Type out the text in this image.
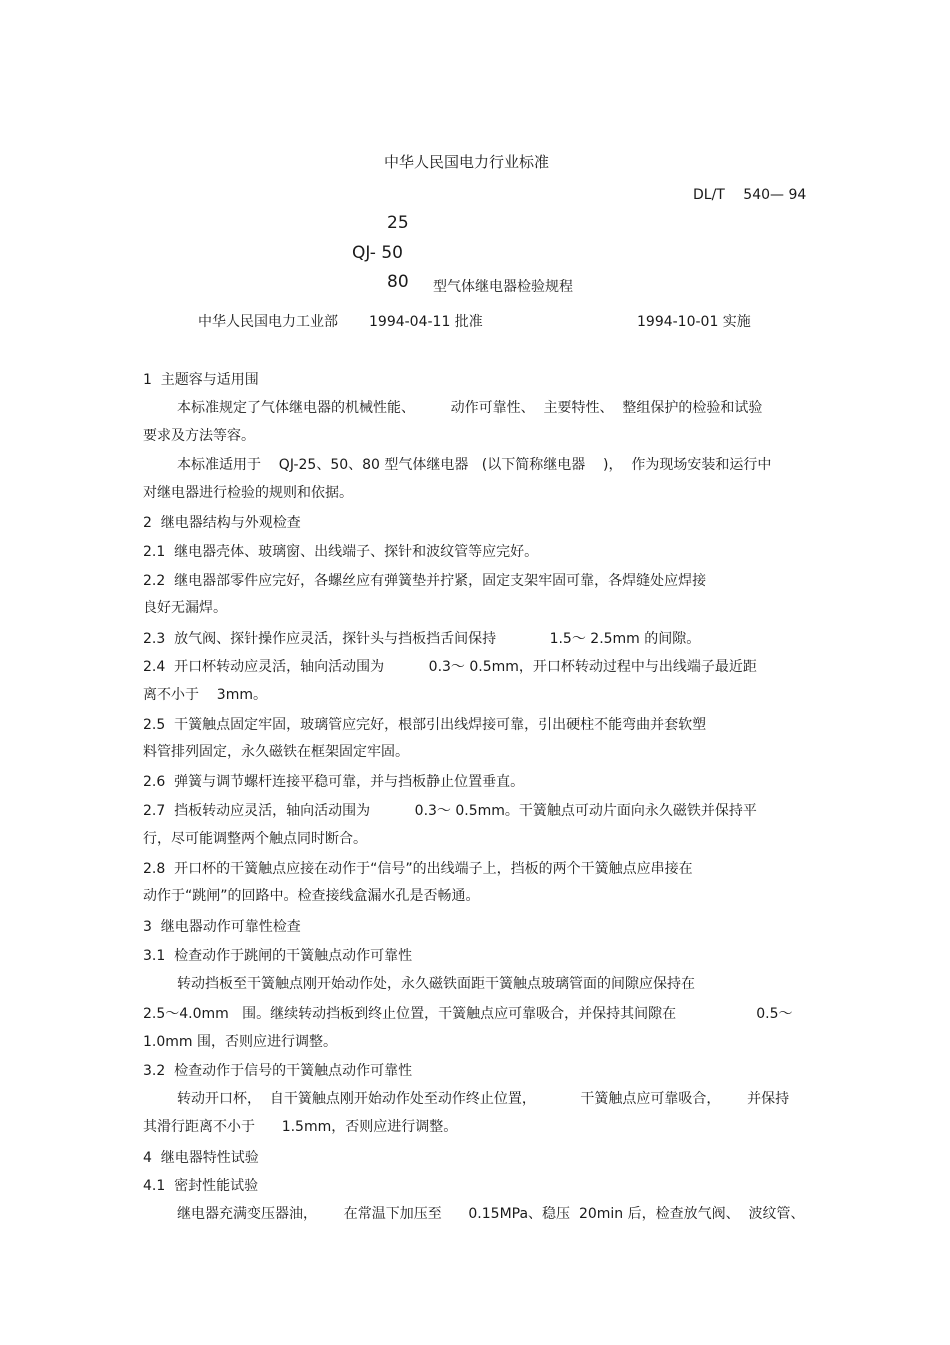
中华人民国电力行业标准
DL/T　 540— 94
25
QJ- 50
80 型气体继电器检验规程
中华人民国电力工业部 1994-04-11 批准	1994-10-01 实施
1  主题容与适用围
本标准规定了气体继电器的机械性能、        动作可靠性、  主要特性、  整组保护的检验和试验
要求及方法等容。
本标准适用于    QJ-25、50、80 型气体继电器   (以下简称继电器    )，  作为现场安装和运行中
对继电器进行检验的规则和依据。
2  继电器结构与外观检查
2.1  继电器壳体、玻璃窗、出线端子、探针和波纹管等应完好。
2.2  继电器部零件应完好，各螺丝应有弹簧垫并拧紧，固定支架牢固可靠，各焊缝处应焊接
良好无漏焊。
2.3  放气阀、探针操作应灵活，探针头与挡板挡舌间保持            1.5～ 2.5mm 的间隙。
2.4  开口杯转动应灵活，轴向活动围为          0.3～ 0.5mm，开口杯转动过程中与出线端子最近距
离不小于    3mm。
2.5  干簧触点固定牢固，玻璃管应完好，根部引出线焊接可靠，引出硬柱不能弯曲并套软塑
料管排列固定，永久磁铁在框架固定牢固。
2.6  弹簧与调节螺杆连接平稳可靠，并与挡板静止位置垂直。
2.7  挡板转动应灵活，轴向活动围为          0.3～ 0.5mm。干簧触点可动片面向永久磁铁并保持平
行，尽可能调整两个触点同时断合。
2.8  开口杯的干簧触点应接在动作于“信号”的出线端子上，挡板的两个干簧触点应串接在
动作于“跳闸”的回路中。检查接线盒漏水孔是否畅通。
3  继电器动作可靠性检查
3.1  检查动作于跳闸的干簧触点动作可靠性
转动挡板至干簧触点刚开始动作处，永久磁铁面距干簧触点玻璃管面的间隙应保持在
2.5～4.0mm   围。继续转动挡板到终止位置，干簧触点应可靠吸合，并保持其间隙在                  0.5～
1.0mm 围，否则应进行调整。
3.2  检查动作于信号的干簧触点动作可靠性
转动开口杯，  自干簧触点刚开始动作处至动作终止位置，          干簧触点应可靠吸合，      并保持
其滑行距离不小于      1.5mm，否则应进行调整。
4  继电器特性试验
4.1  密封性能试验
继电器充满变压器油，      在常温下加压至      0.15MPa、稳压  20min 后，检查放气阀、  波纹管、
